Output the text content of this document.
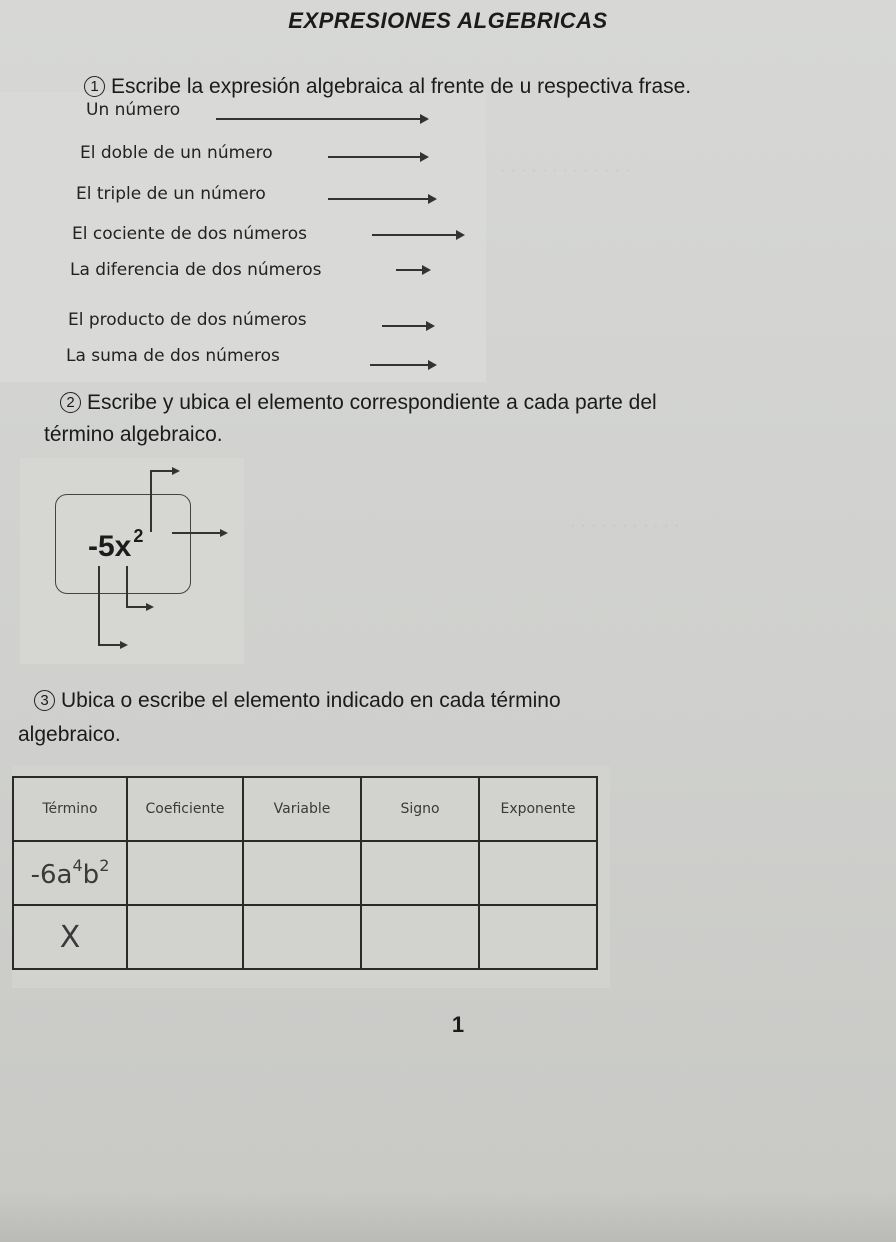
· · · · · · · · · · · · ·
· · · · · · · · · · ·
EXPRESIONES ALGEBRICAS
1 Escribe la expresión algebraica al frente de u respectiva frase.
Un número
El doble de un número
El triple de un número
El cociente de dos números
La diferencia de dos números
El producto de dos números
La suma de dos números
2 Escribe y ubica el elemento correspondiente a cada parte del
término algebraico.
-5x $^2$
3 Ubica o escribe el elemento indicado en cada término
algebraico.
Término	Coeficiente	Variable	Signo	Exponente
$-6a^4b^2$				
X				
1
